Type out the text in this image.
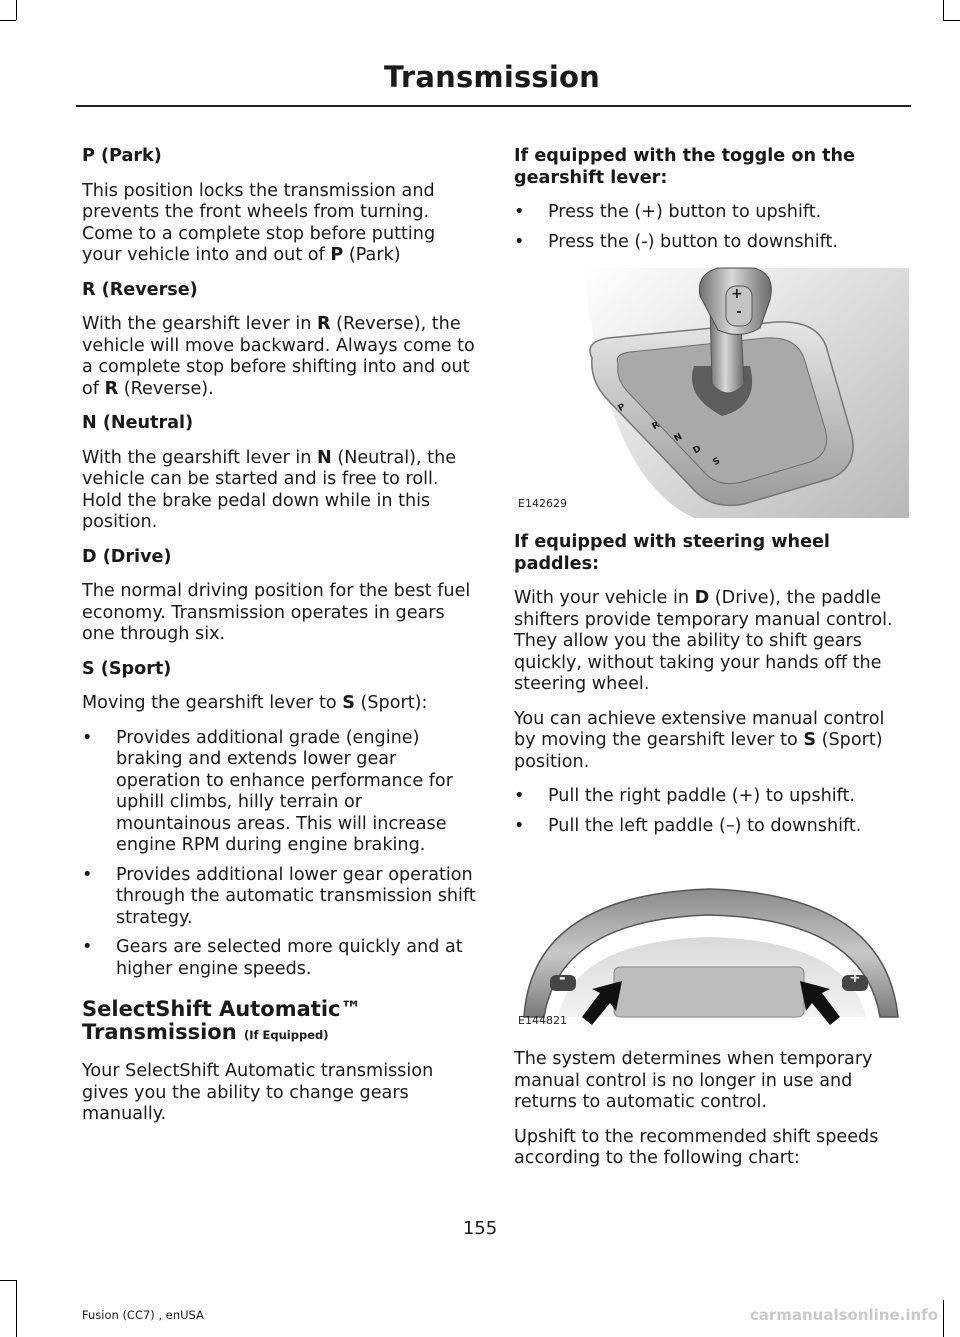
Transmission
P (Park)

This position locks the transmission and prevents the front wheels from turning. Come to a complete stop before putting your vehicle into and out of P (Park)

R (Reverse)

With the gearshift lever in R (Reverse), the vehicle will move backward. Always come to a complete stop before shifting into and out of R (Reverse).

N (Neutral)

With the gearshift lever in N (Neutral), the vehicle can be started and is free to roll. Hold the brake pedal down while in this position.

D (Drive)

The normal driving position for the best fuel economy. Transmission operates in gears one through six.

S (Sport)

Moving the gearshift lever to S (Sport):

• Provides additional grade (engine) braking and extends lower gear operation to enhance performance for uphill climbs, hilly terrain or mountainous areas. This will increase engine RPM during engine braking.
• Provides additional lower gear operation through the automatic transmission shift strategy.
• Gears are selected more quickly and at higher engine speeds.
SelectShift Automatic™ Transmission (If Equipped)

Your SelectShift Automatic transmission gives you the ability to change gears manually.

If equipped with the toggle on the gearshift lever:
• Press the (+) button to upshift.
• Press the (-) button to downshift.
+
-
P
R
N
D
S
E142629
If equipped with steering wheel paddles:

With your vehicle in D (Drive), the paddle shifters provide temporary manual control. They allow you the ability to shift gears quickly, without taking your hands off the steering wheel.

You can achieve extensive manual control by moving the gearshift lever to S (Sport) position.

• Pull the right paddle (+) to upshift.
• Pull the left paddle (–) to downshift.
-	+
E144821

The system determines when temporary manual control is no longer in use and returns to automatic control.

Upshift to the recommended shift speeds according to the following chart:

155
Fusion (CC7) , enUSA	carmanualsonline.info
